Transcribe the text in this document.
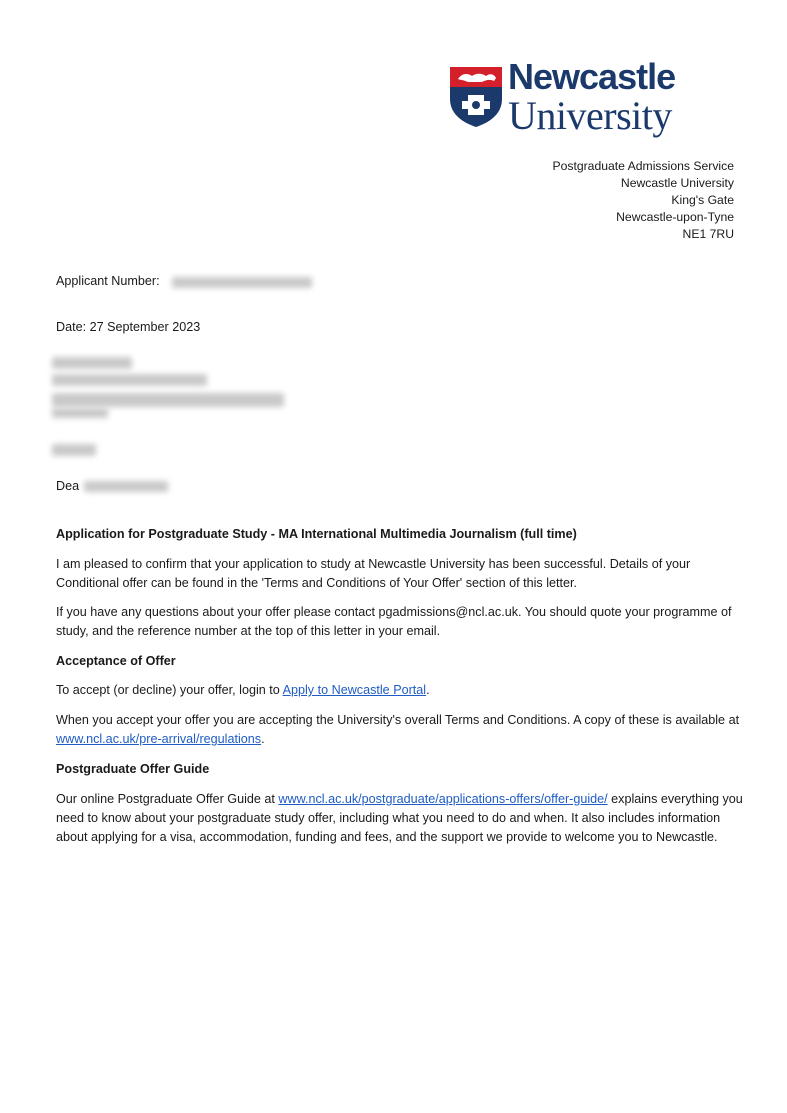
Newcastle
University
Postgraduate Admissions Service
Newcastle University
King's Gate
Newcastle-upon-Tyne
NE1 7RU
Applicant Number:
Date: 27 September 2023
Dea
Application for Postgraduate Study - MA International Multimedia Journalism (full time)
I am pleased to confirm that your application to study at Newcastle University has been successful. Details of your Conditional offer can be found in the 'Terms and Conditions of Your Offer' section of this letter.
If you have any questions about your offer please contact pgadmissions@ncl.ac.uk. You should quote your programme of study, and the reference number at the top of this letter in your email.
Acceptance of Offer
To accept (or decline) your offer, login to Apply to Newcastle Portal.
When you accept your offer you are accepting the University's overall Terms and Conditions. A copy of these is available at www.ncl.ac.uk/pre-arrival/regulations.
Postgraduate Offer Guide
Our online Postgraduate Offer Guide at www.ncl.ac.uk/postgraduate/applications-offers/offer-guide/ explains everything you need to know about your postgraduate study offer, including what you need to do and when. It also includes information about applying for a visa, accommodation, funding and fees, and the support we provide to welcome you to Newcastle.
